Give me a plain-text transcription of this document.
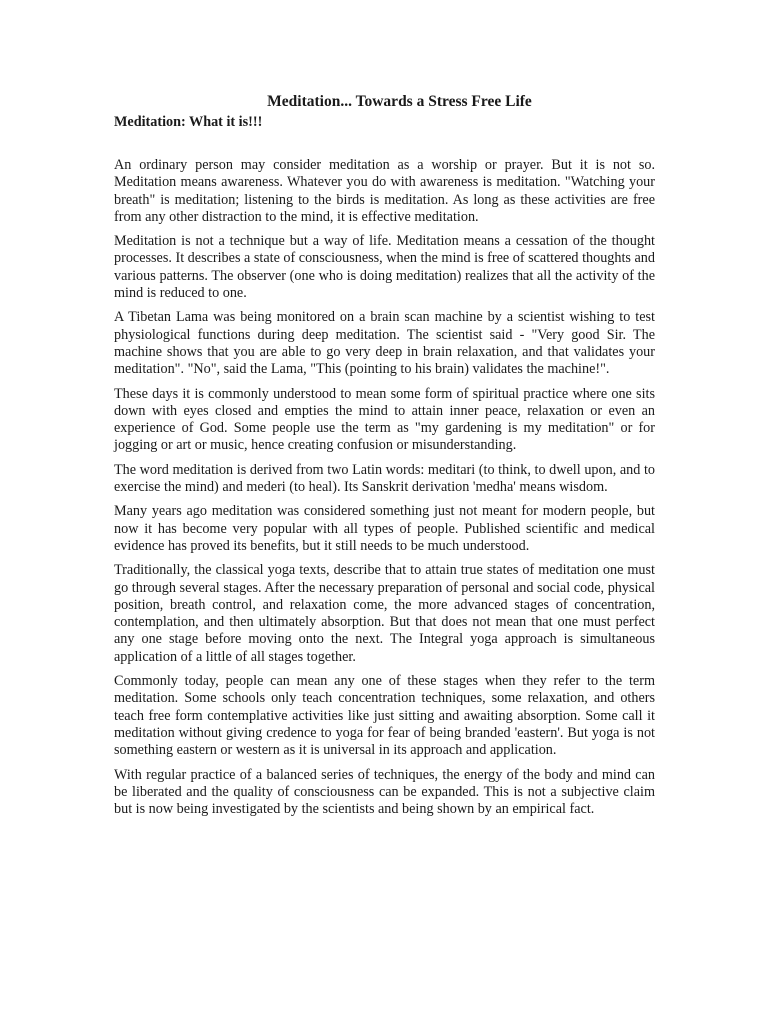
Meditation... Towards a Stress Free Life
Meditation: What it is!!!

An ordinary person may consider meditation as a worship or prayer. But it is not so. Meditation means awareness. Whatever you do with awareness is meditation. "Watching your breath" is meditation; listening to the birds is meditation. As long as these activities are free from any other distraction to the mind, it is effective meditation.

Meditation is not a technique but a way of life. Meditation means a cessation of the thought processes. It describes a state of consciousness, when the mind is free of scattered thoughts and various patterns. The observer (one who is doing meditation) realizes that all the activity of the mind is reduced to one.

A Tibetan Lama was being monitored on a brain scan machine by a scientist wishing to test physiological functions during deep meditation. The scientist said - "Very good Sir. The machine shows that you are able to go very deep in brain relaxation, and that validates your meditation". "No", said the Lama, "This (pointing to his brain) validates the machine!".

These days it is commonly understood to mean some form of spiritual practice where one sits down with eyes closed and empties the mind to attain inner peace, relaxation or even an experience of God. Some people use the term as "my gardening is my meditation" or for jogging or art or music, hence creating confusion or misunderstanding.

The word meditation is derived from two Latin words: meditari (to think, to dwell upon, and to exercise the mind) and mederi (to heal). Its Sanskrit derivation 'medha' means wisdom.

Many years ago meditation was considered something just not meant for modern people, but now it has become very popular with all types of people. Published scientific and medical evidence has proved its benefits, but it still needs to be much understood.

Traditionally, the classical yoga texts, describe that to attain true states of meditation one must go through several stages. After the necessary preparation of personal and social code, physical position, breath control, and relaxation come, the more advanced stages of concentration, contemplation, and then ultimately absorption. But that does not mean that one must perfect any one stage before moving onto the next. The Integral yoga approach is simultaneous application of a little of all stages together.

Commonly today, people can mean any one of these stages when they refer to the term meditation. Some schools only teach concentration techniques, some relaxation, and others teach free form contemplative activities like just sitting and awaiting absorption. Some call it meditation without giving credence to yoga for fear of being branded 'eastern'. But yoga is not something eastern or western as it is universal in its approach and application.

With regular practice of a balanced series of techniques, the energy of the body and mind can be liberated and the quality of consciousness can be expanded. This is not a subjective claim but is now being investigated by the scientists and being shown by an empirical fact.
